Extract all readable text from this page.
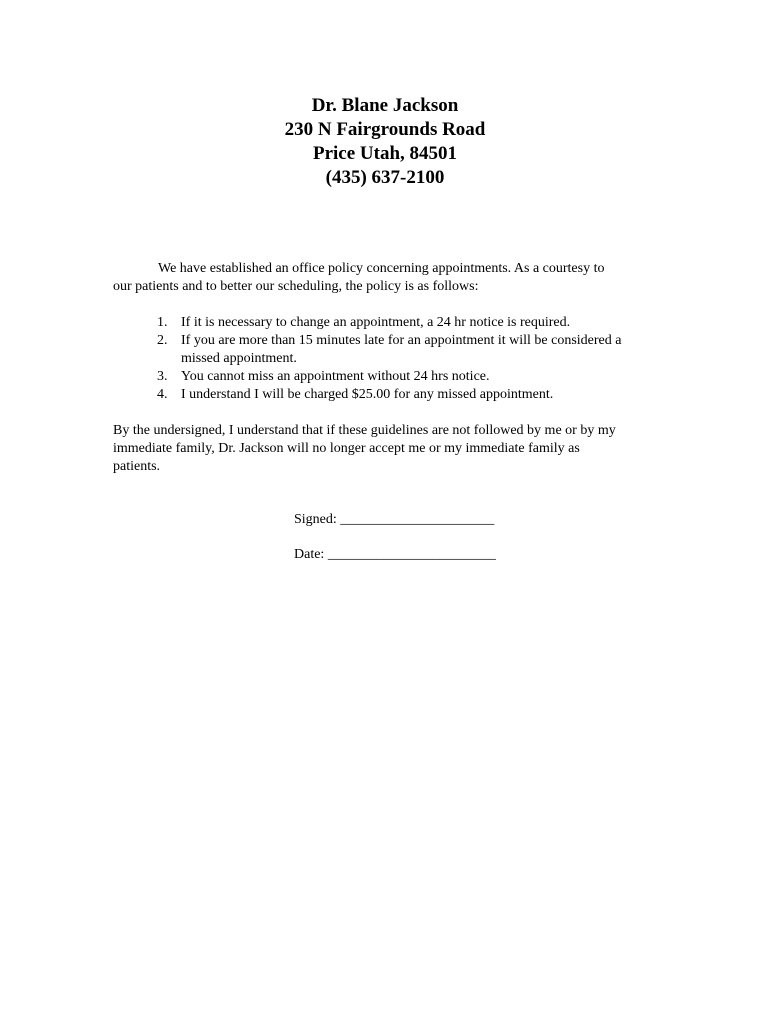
Dr. Blane Jackson
230 N Fairgrounds Road
Price Utah, 84501
(435) 637-2100
We have established an office policy concerning appointments. As a courtesy to
our patients and to better our scheduling, the policy is as follows:
1. If it is necessary to change an appointment, a 24 hr notice is required.
2. If you are more than 15 minutes late for an appointment it will be considered a
missed appointment.
3. You cannot miss an appointment without 24 hrs notice.
4. I understand I will be charged $25.00 for any missed appointment.
By the undersigned, I understand that if these guidelines are not followed by me or by my
immediate family, Dr. Jackson will no longer accept me or my immediate family as
patients.
Signed: ______________________
Date: ________________________
